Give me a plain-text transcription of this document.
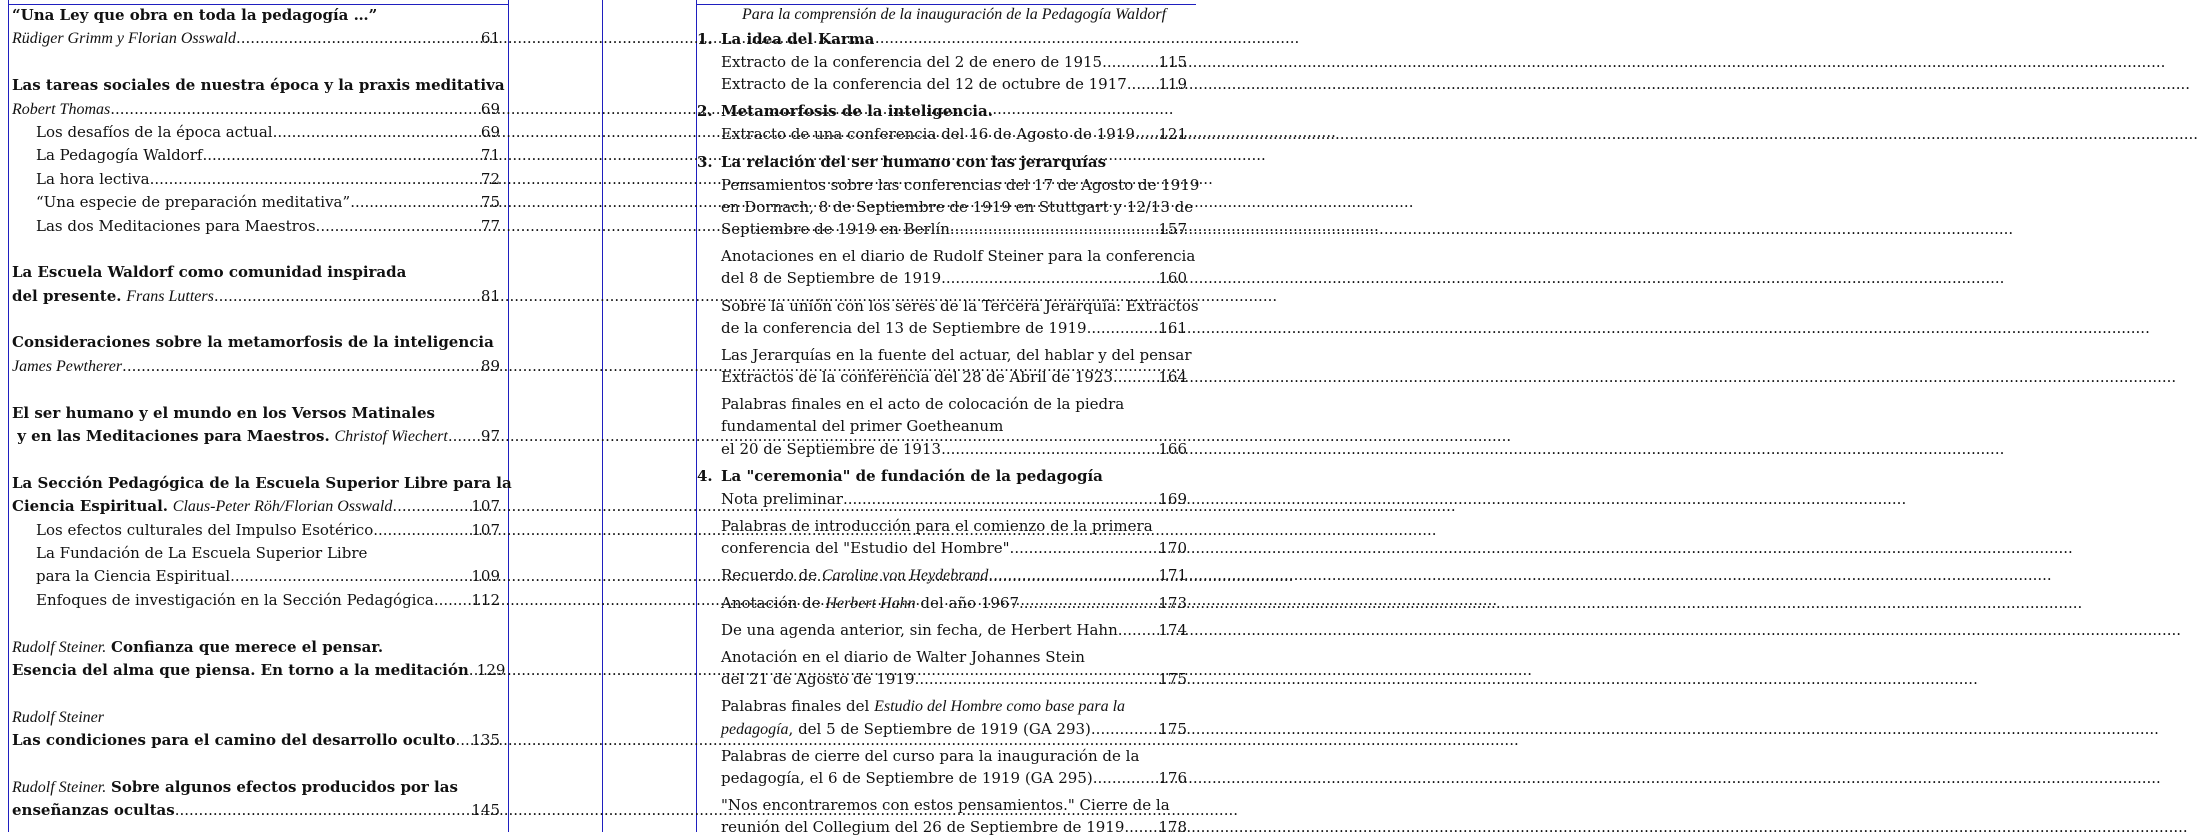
“Una Ley que obra en toda la pedagogía …”
Rüdiger Grimm y Florian Osswald .....	61
Las tareas sociales de nuestra época y la praxis meditativa
Robert Thomas .....	69
Los desafíos de la época actual .....	69
La Pedagogía Waldorf .....	71
La hora lectiva .....	72
“Una especie de preparación meditativa” .....	75
Las dos Meditaciones para Maestros .....	77
La Escuela Waldorf como comunidad inspirada
del presente. Frans Lutters .....	81
Consideraciones sobre la metamorfosis de la inteligencia
James Pewtherer .....	89
El ser humano y el mundo en los Versos Matinales
y en las Meditaciones para Maestros. Christof Wiechert ..... 97
La Sección Pedagógica de la Escuela Superior Libre para la
Ciencia Espiritual. Claus-Peter Röh/Florian Osswald .....	107
Los efectos culturales del Impulso Esotérico .....	107
La Fundación de La Escuela Superior Libre
para la Ciencia Espiritual .....	109
Enfoques de investigación en la Sección Pedagógica .....	112
Rudolf Steiner. Confianza que merece el pensar.
Esencia del alma que piensa. En torno a la meditación ..... 129
Rudolf Steiner
Las condiciones para el camino del desarrollo oculto ..... 135
Rudolf Steiner. Sobre algunos efectos producidos por las
enseñanzas ocultas .....	145
Para la comprensión de la inauguración de la Pedagogía Waldorf
1. La idea del Karma
Extracto de la conferencia del 2 de enero de 1915 .....	115
Extracto de la conferencia del 12 de octubre de 1917 ..... 119
2. Metamorfosis de la inteligencia.
Extracto de una conferencia del 16 de Agosto de 1919 ..... 121
3. La relación del ser humano con las jerarquías
Pensamientos sobre las conferencias del 17 de Agosto de 1919
en Dornach, 8 de Septiembre de 1919 en Stuttgart y 12/13 de
Septiembre de 1919 en Berlín .....	157
Anotaciones en el diario de Rudolf Steiner para la conferencia
del 8 de Septiembre de 1919 .....	160
Sobre la unión con los seres de la Tercera Jerarquía: Extractos
de la conferencia del 13 de Septiembre de 1919 .....	161
Las Jerarquías en la fuente del actuar, del hablar y del pensar
Extractos de la conferencia del 28 de Abril de 1923 .....	164
Palabras finales en el acto de colocación de la piedra
fundamental del primer Goetheanum
el 20 de Septiembre de 1913 .....	166
4. La "ceremonia" de fundación de la pedagogía
Nota preliminar .....	169
Palabras de introducción para el comienzo de la primera
conferencia del "Estudio del Hombre" .....	170
Recuerdo de Caroline von Heydebrand .....	171
Anotación de Herbert Hahn del año 1967 .....	173
De una agenda anterior, sin fecha, de Herbert Hahn .....	174
Anotación en el diario de Walter Johannes Stein
del 21 de Agosto de 1919 .....	175
Palabras finales del Estudio del Hombre como base para la
pedagogía, del 5 de Septiembre de 1919 (GA 293). .....	175
Palabras de cierre del curso para la inauguración de la
pedagogía, el 6 de Septiembre de 1919 (GA 295). .....	176
"Nos encontraremos con estos pensamientos." Cierre de la
reunión del Collegium del 26 de Septiembre de 1919 ..... 178
